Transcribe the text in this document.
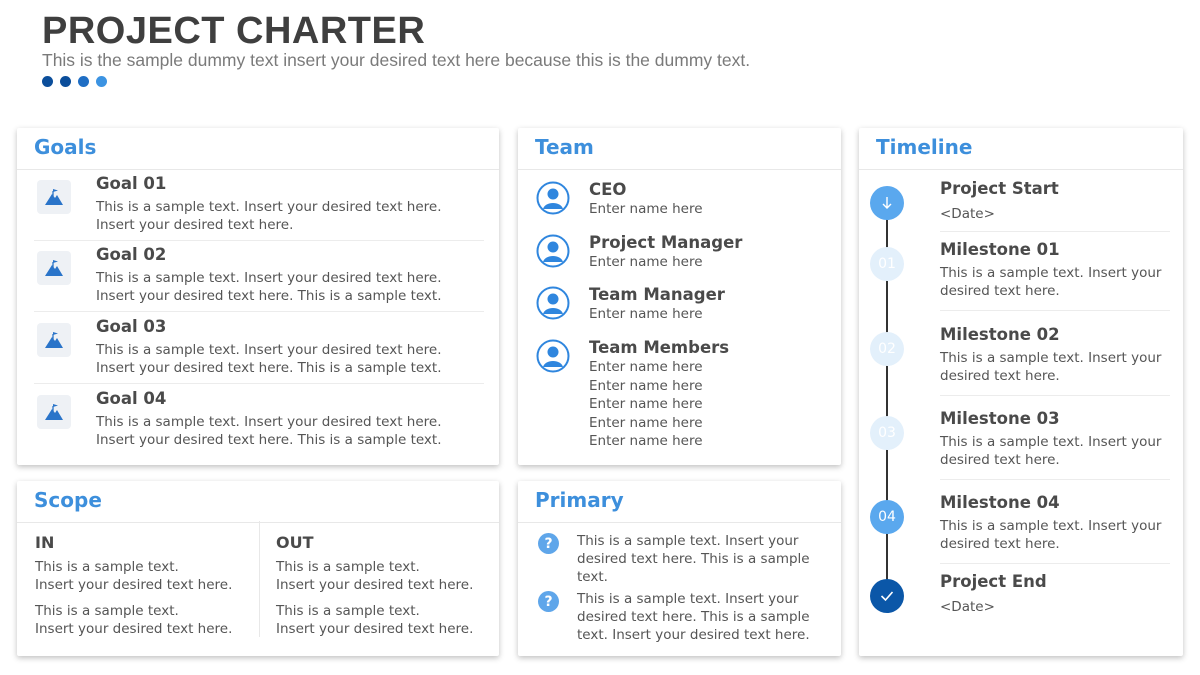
PROJECT CHARTER
This is the sample dummy text insert your desired text here because this is the dummy text.
Goals
Goal 01
This is a sample text. Insert your desired text here. Insert your desired text here.
Goal 02
This is a sample text. Insert your desired text here. Insert your desired text here. This is a sample text.
Goal 03
This is a sample text. Insert your desired text here. Insert your desired text here. This is a sample text.
Goal 04
This is a sample text. Insert your desired text here. Insert your desired text here. This is a sample text.
Team
CEO
Enter name here
Project Manager
Enter name here
Team Manager
Enter name here
Team Members
Enter name here
Enter name here
Enter name here
Enter name here
Enter name here
Timeline
Project Start
<Date>
01
Milestone 01
This is a sample text. Insert your desired text here.
02
Milestone 02
This is a sample text. Insert your desired text here.
03
Milestone 03
This is a sample text. Insert your desired text here.
04
Milestone 04
This is a sample text. Insert your desired text here.
Project End
<Date>
Scope
IN
This is a sample text.
Insert your desired text here.
This is a sample text.
Insert your desired text here.
OUT
This is a sample text.
Insert your desired text here.
This is a sample text.
Insert your desired text here.
Primary
?	This is a sample text. Insert your desired text here. This is a sample text.
?	This is a sample text. Insert your desired text here. This is a sample text. Insert your desired text here.
